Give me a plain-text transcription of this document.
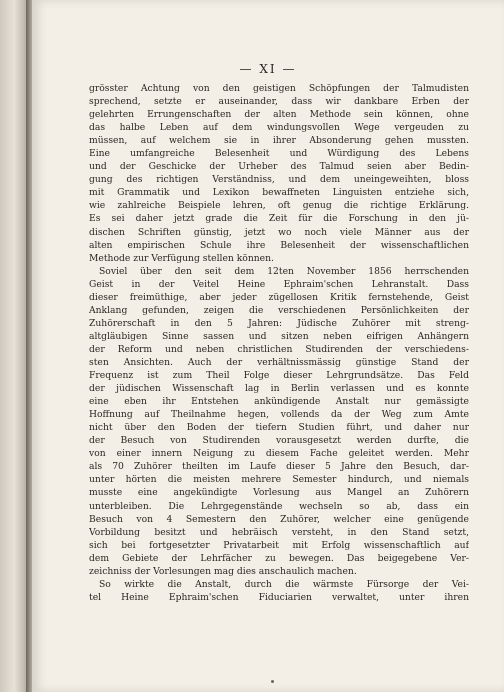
— XI —
grösster Achtung von den geistigen Schöpfungen der Talmudisten
sprechend, setzte er auseinander, dass wir dankbare Erben der
gelehrten Errungenschaften der alten Methode sein können, ohne
das halbe Leben auf dem windungsvollen Wege vergeuden zu
müssen, auf welchem sie in ihrer Absonderung gehen mussten.
Eine umfangreiche Belesenheit und Würdigung des Lebens
und der Geschicke der Urheber des Talmud seien aber Bedin-
gung des richtigen Verständniss, und dem uneingeweihten, bloss
mit Grammatik und Lexikon bewaffneten Linguisten entziehe sich,
wie zahlreiche Beispiele lehren, oft genug die richtige Erklärung.
Es sei daher jetzt grade die Zeit für die Forschung in den jü-
dischen Schriften günstig, jetzt wo noch viele Männer aus der
alten empirischen Schule ihre Belesenheit der wissenschaftlichen
Methode zur Verfügung stellen können.
Soviel über den seit dem 12ten November 1856 herrschenden
Geist in der Veitel Heine Ephraim'schen Lehranstalt. Dass
dieser freimüthige, aber jeder zügellosen Kritik fernstehende, Geist
Anklang gefunden, zeigen die verschiedenen Persönlichkeiten der
Zuhörerschaft in den 5 Jahren: Jüdische Zuhörer mit streng-
altgläubigen Sinne sassen und sitzen neben eifrigen Anhängern
der Reform und neben christlichen Studirenden der verschiedens-
sten Ansichten. Auch der verhältnissmässig günstige Stand der
Frequenz ist zum Theil Folge dieser Lehrgrundsätze. Das Feld
der jüdischen Wissenschaft lag in Berlin verlassen und es konnte
eine eben ihr Entstehen ankündigende Anstalt nur gemässigte
Hoffnung auf Theilnahme hegen, vollends da der Weg zum Amte
nicht über den Boden der tiefern Studien führt, und daher nur
der Besuch von Studirenden vorausgesetzt werden durfte, die
von einer innern Neigung zu diesem Fache geleitet werden. Mehr
als 70 Zuhörer theilten im Laufe dieser 5 Jahre den Besuch, dar-
unter hörten die meisten mehrere Semester hindurch, und niemals
musste eine angekündigte Vorlesung aus Mangel an Zuhörern
unterbleiben. Die Lehrgegenstände wechseln so ab, dass ein
Besuch von 4 Semestern den Zuhörer, welcher eine genügende
Vorbildung besitzt und hebräisch versteht, in den Stand setzt,
sich bei fortgesetzter Privatarbeit mit Erfolg wissenschaftlich auf
dem Gebiete der Lehrfächer zu bewegen. Das beigegebene Ver-
zeichniss der Vorlesungen mag dies anschaulich machen.
So wirkte die Anstalt, durch die wärmste Fürsorge der Vei-
tel Heine Ephraim'schen Fiduciarien verwaltet, unter ihren
